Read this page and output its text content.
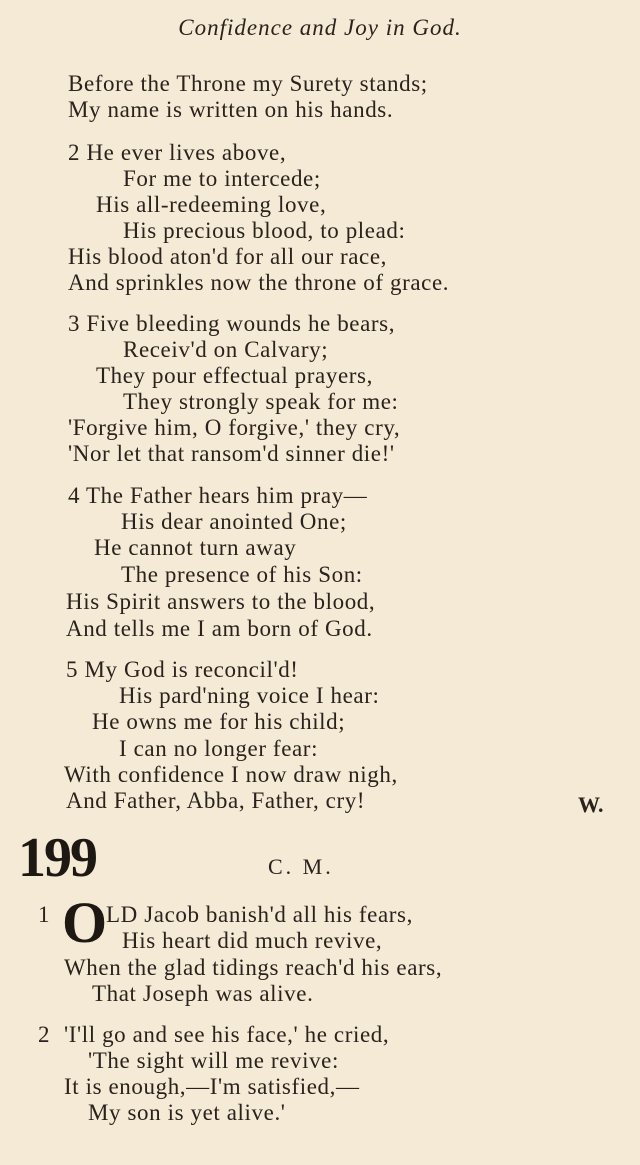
Confidence and Joy in God.
Before the Throne my Surety stands;
My name is written on his hands.
2 He ever lives above,
For me to intercede;
His all-redeeming love,
His precious blood, to plead:
His blood aton'd for all our race,
And sprinkles now the throne of grace.
3 Five bleeding wounds he bears,
Receiv'd on Calvary;
They pour effectual prayers,
They strongly speak for me:
'Forgive him, O forgive,' they cry,
'Nor let that ransom'd sinner die!'
4 The Father hears him pray—
His dear anointed One;
He cannot turn away
The presence of his Son:
His Spirit answers to the blood,
And tells me I am born of God.
5 My God is reconcil'd!
His pard'ning voice I hear:
He owns me for his child;
I can no longer fear:
With confidence I now draw nigh,
And Father, Abba, Father, cry!	W.
199	C. M.
1 O
LD Jacob banish'd all his fears,
His heart did much revive,
When the glad tidings reach'd his ears,
That Joseph was alive.
2 'I'll go and see his face,' he cried,
'The sight will me revive:
It is enough,—I'm satisfied,—
My son is yet alive.'
